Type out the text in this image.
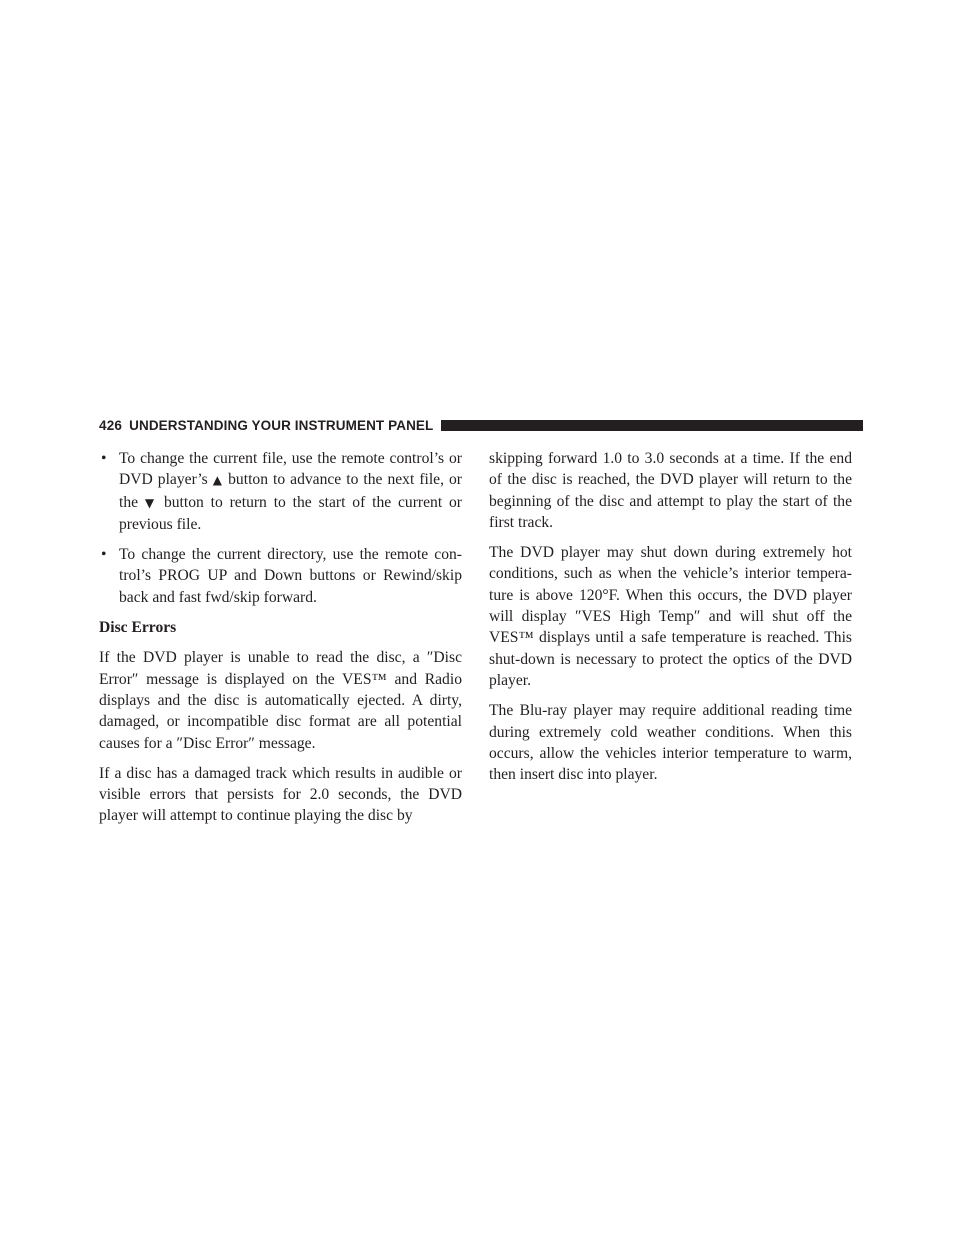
426 UNDERSTANDING YOUR INSTRUMENT PANEL
• To change the current file, use the remote control’s or DVD player’s ▲ button to advance to the next file, or the ▼ button to return to the start of the current or previous file.
• To change the current directory, use the remote con-trol’s PROG UP and Down buttons or Rewind/skip back and fast fwd/skip forward.
Disc Errors

If the DVD player is unable to read the disc, a ″Disc Error″ message is displayed on the VES™ and Radio displays and the disc is automatically ejected. A dirty, damaged, or incompatible disc format are all potential causes for a ″Disc Error″ message.

If a disc has a damaged track which results in audible or visible errors that persists for 2.0 seconds, the DVD player will attempt to continue playing the disc by

skipping forward 1.0 to 3.0 seconds at a time. If the end of the disc is reached, the DVD player will return to the beginning of the disc and attempt to play the start of the first track.

The DVD player may shut down during extremely hot conditions, such as when the vehicle’s interior tempera-ture is above 120°F. When this occurs, the DVD player will display ″VES High Temp″ and will shut off the VES™ displays until a safe temperature is reached. This shut-down is necessary to protect the optics of the DVD player.

The Blu-ray player may require additional reading time during extremely cold weather conditions. When this occurs, allow the vehicles interior temperature to warm, then insert disc into player.
